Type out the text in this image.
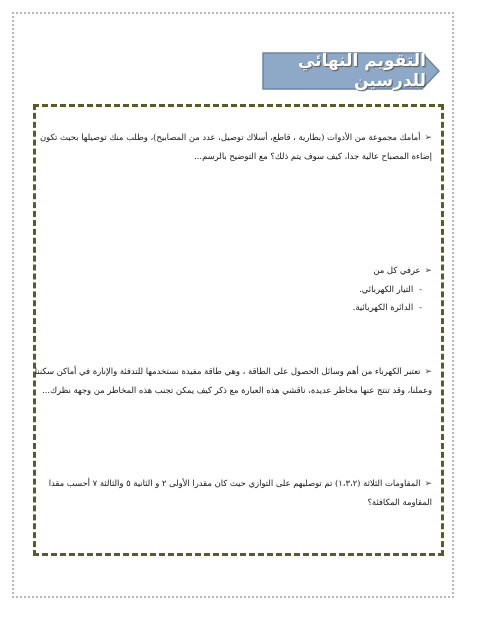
التقويم النهائي للدرسين
➢أمامك مجموعة من الأدوات (بطارية ، قاطع، أسلاك توصيل، عدد من المصابيح)، وطلب منك توصيلها بحيث تكون
إضاءة المصباح عالية جدا، كيف سوف يتم ذلك؟ مع التوضيح بالرسم...
➢عرفي كل من
-التيار الكهربائي.
-الدائرة الكهربائية.
➢تعتبر الكهرباء من أهم وسائل الحصول على الطاقة ، وهي طاقة مفيدة نستخدمها للتدفئة والإنارة في أماكن سكننا
وعملنا، وقد تنتج عنها مخاطر عديدة، ناقشي هذه العبارة مع ذكر كيف يمكن تجنب هذه المخاطر من وجهة نظرك...
➢المقاومات الثلاثة (١،٣،٢) تم توصليهم على التوازي حيث كان مقدرا الأولى ٢ و الثانية ٥ والثالثة ٧ أحسب مقدا
المقاومة المكافئة؟
